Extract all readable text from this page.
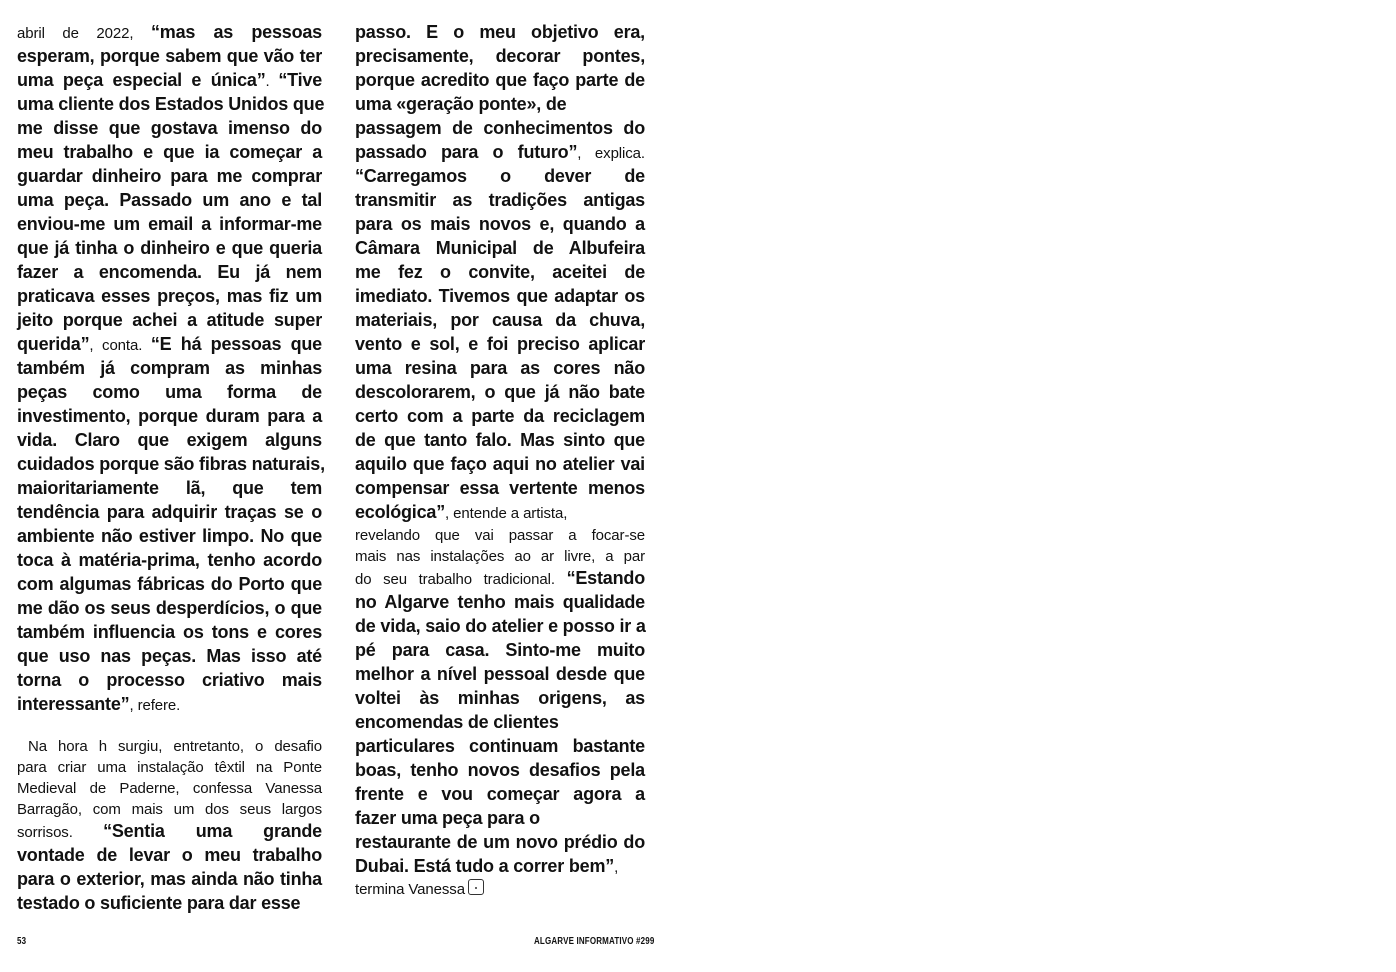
abril de 2022, “mas as pessoas
esperam, porque sabem que vão ter
uma peça especial e única”. “Tive
uma cliente dos Estados Unidos que
me disse que gostava imenso do
meu trabalho e que ia começar a
guardar dinheiro para me comprar
uma peça. Passado um ano e tal
enviou-me um email a informar-me
que já tinha o dinheiro e que queria
fazer a encomenda. Eu já nem
praticava esses preços, mas fiz um
jeito porque achei a atitude super
querida”, conta. “E há pessoas que
também já compram as minhas
peças como uma forma de
investimento, porque duram para a
vida. Claro que exigem alguns
cuidados porque são fibras naturais,
maioritariamente lã, que tem
tendência para adquirir traças se o
ambiente não estiver limpo. No que
toca à matéria-prima, tenho acordo
com algumas fábricas do Porto que
me dão os seus desperdícios, o que
também influencia os tons e cores
que uso nas peças. Mas isso até
torna o processo criativo mais
interessante”, refere.
Na hora h surgiu, entretanto, o desafio
para criar uma instalação têxtil na Ponte
Medieval de Paderne, confessa Vanessa
Barragão, com mais um dos seus largos
sorrisos. “Sentia uma grande
vontade de levar o meu trabalho
para o exterior, mas ainda não tinha
testado o suficiente para dar esse
passo. E o meu objetivo era,
precisamente, decorar pontes,
porque acredito que faço parte de
uma «geração ponte», de
passagem de conhecimentos do
passado para o futuro”, explica.
“Carregamos o dever de
transmitir as tradições antigas
para os mais novos e, quando a
Câmara Municipal de Albufeira
me fez o convite, aceitei de
imediato. Tivemos que adaptar os
materiais, por causa da chuva,
vento e sol, e foi preciso aplicar
uma resina para as cores não
descolorarem, o que já não bate
certo com a parte da reciclagem
de que tanto falo. Mas sinto que
aquilo que faço aqui no atelier vai
compensar essa vertente menos
ecológica”, entende a artista,
revelando que vai passar a focar-se
mais nas instalações ao ar livre, a par
do seu trabalho tradicional. “Estando
no Algarve tenho mais qualidade
de vida, saio do atelier e posso ir a
pé para casa. Sinto-me muito
melhor a nível pessoal desde que
voltei às minhas origens, as
encomendas de clientes
particulares continuam bastante
boas, tenho novos desafios pela
frente e vou começar agora a
fazer uma peça para o
restaurante de um novo prédio do
Dubai. Está tudo a correr bem”,
termina Vanessa
53	ALGARVE INFORMATIVO #299
